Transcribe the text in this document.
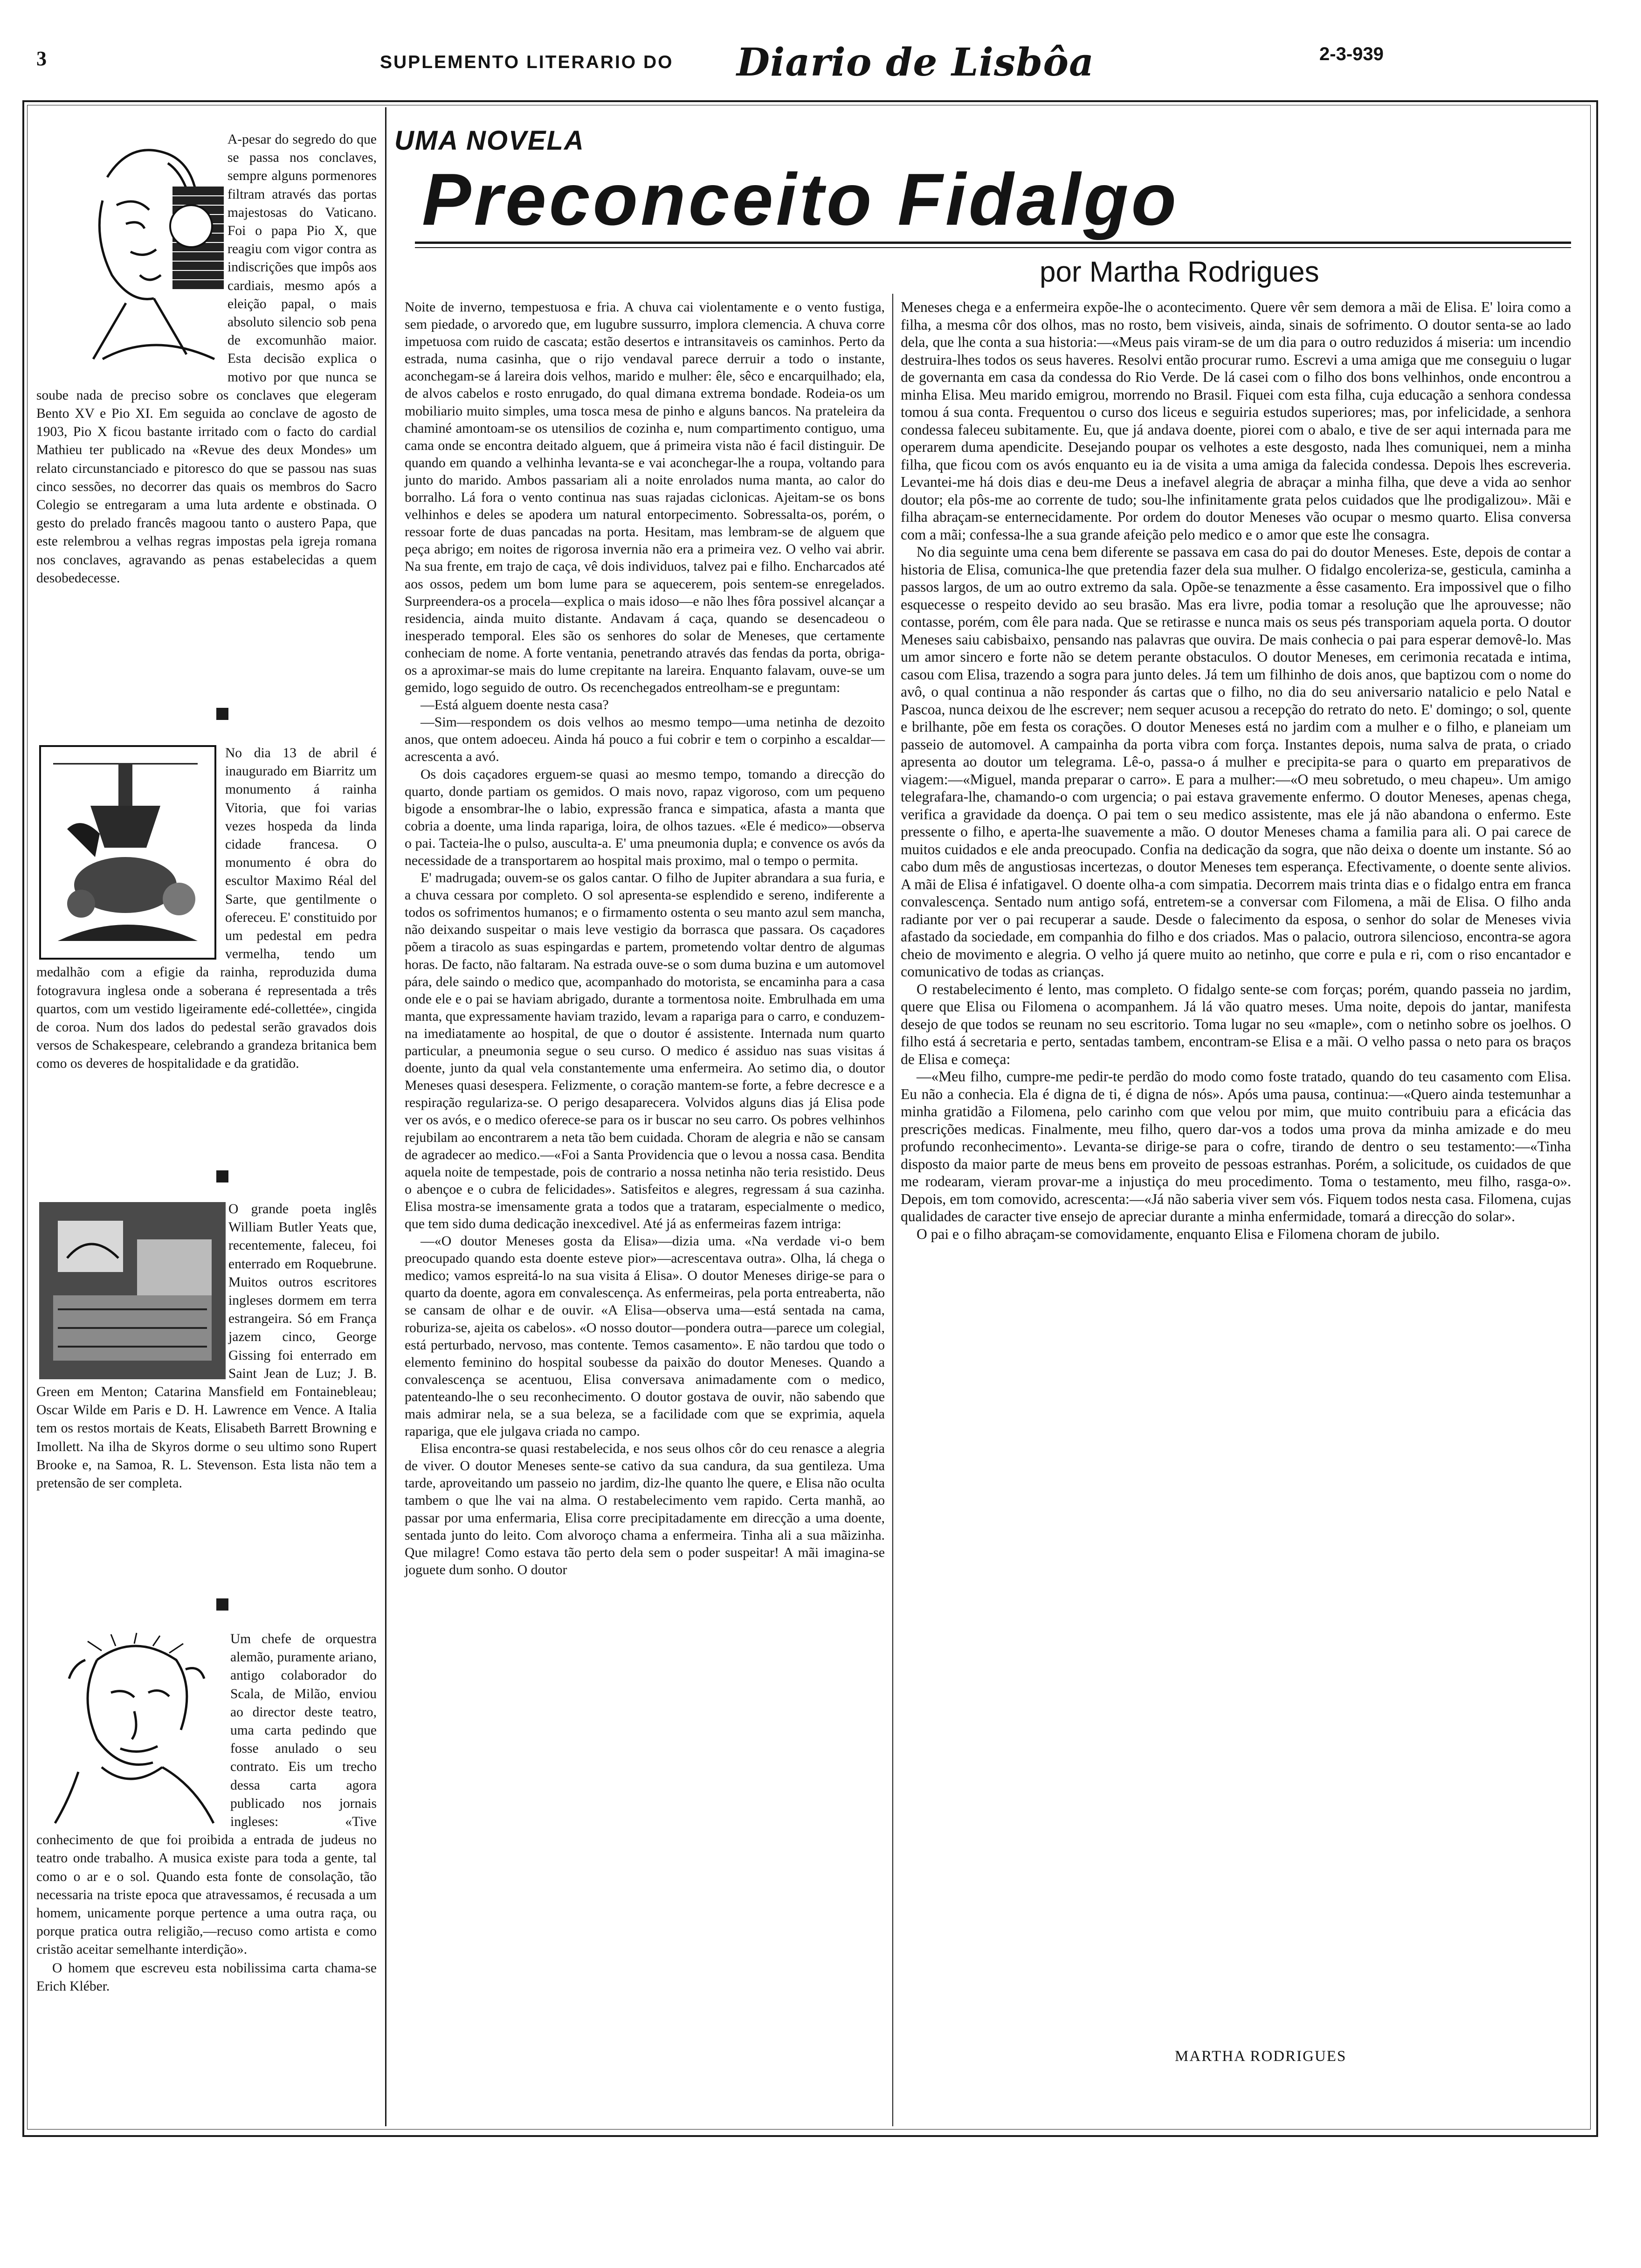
3	SUPLEMENTO LITERARIO DO Diario de Lisbôa	2-3-939

A-pesar do segredo do que se passa nos conclaves, sempre alguns pormenores filtram através das portas majestosas do Vaticano. Foi o papa Pio X, que reagiu com vigor contra as indiscrições que impôs aos cardiais, mesmo após a eleição papal, o mais absoluto silencio sob pena de excomunhão maior. Esta decisão explica o motivo por que nunca se soube nada de preciso sobre os conclaves que elegeram Bento XV e Pio XI. Em seguida ao conclave de agosto de 1903, Pio X ficou bastante irritado com o facto do cardial Mathieu ter publicado na «Revue des deux Mondes» um relato circunstanciado e pitoresco do que se passou nas suas cinco sessões, no decorrer das quais os membros do Sacro Colegio se entregaram a uma luta ardente e obstinada. O gesto do prelado francês magoou tanto o austero Papa, que este relembrou a velhas regras impostas pela igreja romana nos conclaves, agravando as penas estabelecidas a quem desobedecesse.

No dia 13 de abril é inaugurado em Biarritz um monumento á rainha Vitoria, que foi varias vezes hospeda da linda cidade francesa. O monumento é obra do escultor Maximo Réal del Sarte, que gentilmente o ofereceu. E' constituido por um pedestal em pedra vermelha, tendo um medalhão com a efigie da rainha, reproduzida duma fotogravura inglesa onde a soberana é representada a três quartos, com um vestido ligeiramente edé-collettée», cingida de coroa. Num dos lados do pedestal serão gravados dois versos de Schakespeare, celebrando a grandeza britanica bem como os deveres de hospitalidade e da gratidão.

O grande poeta inglês William Butler Yeats que, recentemente, faleceu, foi enterrado em Roquebrune. Muitos outros escritores ingleses dormem em terra estrangeira. Só em França jazem cinco, George Gissing foi enterrado em Saint Jean de Luz; J. B. Green em Menton; Catarina Mansfield em Fontainebleau; Oscar Wilde em Paris e D. H. Lawrence em Vence. A Italia tem os restos mortais de Keats, Elisabeth Barrett Browning e Imollett. Na ilha de Skyros dorme o seu ultimo sono Rupert Brooke e, na Samoa, R. L. Stevenson. Esta lista não tem a pretensão de ser completa.

Um chefe de orquestra alemão, puramente ariano, antigo colaborador do Scala, de Milão, enviou ao director deste teatro, uma carta pedindo que fosse anulado o seu contrato. Eis um trecho dessa carta agora publicado nos jornais ingleses: «Tive conhecimento de que foi proibida a entrada de judeus no teatro onde trabalho. A musica existe para toda a gente, tal como o ar e o sol. Quando esta fonte de consolação, tão necessaria na triste epoca que atravessamos, é recusada a um homem, unicamente porque pertence a uma outra raça, ou porque pratica outra religião,—recuso como artista e como cristão aceitar semelhante interdição».

O homem que escreveu esta nobilissima carta chama-se Erich Kléber.

UMA NOVELA
Preconceito Fidalgo
por Martha Rodrigues

Noite de inverno, tempestuosa e fria. A chuva cai violentamente e o vento fustiga, sem piedade, o arvoredo que, em lugubre sussurro, implora clemencia. A chuva corre impetuosa com ruido de cascata; estão desertos e intransitaveis os caminhos. Perto da estrada, numa casinha, que o rijo vendaval parece derruir a todo o instante, aconchegam-se á lareira dois velhos, marido e mulher: êle, sêco e encarquilhado; ela, de alvos cabelos e rosto enrugado, do qual dimana extrema bondade. Rodeia-os um mobiliario muito simples, uma tosca mesa de pinho e alguns bancos. Na prateleira da chaminé amontoam-se os utensilios de cozinha e, num compartimento contiguo, uma cama onde se encontra deitado alguem, que á primeira vista não é facil distinguir. De quando em quando a velhinha levanta-se e vai aconchegar-lhe a roupa, voltando para junto do marido. Ambos passariam ali a noite enrolados numa manta, ao calor do borralho. Lá fora o vento continua nas suas rajadas ciclonicas. Ajeitam-se os bons velhinhos e deles se apodera um natural entorpecimento. Sobressalta-os, porém, o ressoar forte de duas pancadas na porta. Hesitam, mas lembram-se de alguem que peça abrigo; em noites de rigorosa invernia não era a primeira vez. O velho vai abrir. Na sua frente, em trajo de caça, vê dois individuos, talvez pai e filho. Encharcados até aos ossos, pedem um bom lume para se aquecerem, pois sentem-se enregelados. Surpreendera-os a procela—explica o mais idoso—e não lhes fôra possivel alcançar a residencia, ainda muito distante. Andavam á caça, quando se desencadeou o inesperado temporal. Eles são os senhores do solar de Meneses, que certamente conheciam de nome. A forte ventania, penetrando através das fendas da porta, obriga-os a aproximar-se mais do lume crepitante na lareira. Enquanto falavam, ouve-se um gemido, logo seguido de outro. Os recenchegados entreolham-se e preguntam:

—Está alguem doente nesta casa?

—Sim—respondem os dois velhos ao mesmo tempo—uma netinha de dezoito anos, que ontem adoeceu. Ainda há pouco a fui cobrir e tem o corpinho a escaldar—acrescenta a avó.

Os dois caçadores erguem-se quasi ao mesmo tempo, tomando a direcção do quarto, donde partiam os gemidos. O mais novo, rapaz vigoroso, com um pequeno bigode a ensombrar-lhe o labio, expressão franca e simpatica, afasta a manta que cobria a doente, uma linda rapariga, loira, de olhos tazues. «Ele é medico»—observa o pai. Tacteia-lhe o pulso, ausculta-a. E' uma pneumonia dupla; e convence os avós da necessidade de a transportarem ao hospital mais proximo, mal o tempo o permita.

E' madrugada; ouvem-se os galos cantar. O filho de Jupiter abrandara a sua furia, e a chuva cessara por completo. O sol apresenta-se esplendido e sereno, indiferente a todos os sofrimentos humanos; e o firmamento ostenta o seu manto azul sem mancha, não deixando suspeitar o mais leve vestigio da borrasca que passara. Os caçadores põem a tiracolo as suas espingardas e partem, prometendo voltar dentro de algumas horas. De facto, não faltaram. Na estrada ouve-se o som duma buzina e um automovel pára, dele saindo o medico que, acompanhado do motorista, se encaminha para a casa onde ele e o pai se haviam abrigado, durante a tormentosa noite. Embrulhada em uma manta, que expressamente haviam trazido, levam a rapariga para o carro, e conduzem-na imediatamente ao hospital, de que o doutor é assistente. Internada num quarto particular, a pneumonia segue o seu curso. O medico é assiduo nas suas visitas á doente, junto da qual vela constantemente uma enfermeira. Ao setimo dia, o doutor Meneses quasi desespera. Felizmente, o coração mantem-se forte, a febre decresce e a respiração regulariza-se. O perigo desaparecera. Volvidos alguns dias já Elisa pode ver os avós, e o medico oferece-se para os ir buscar no seu carro. Os pobres velhinhos rejubilam ao encontrarem a neta tão bem cuidada. Choram de alegria e não se cansam de agradecer ao medico.—«Foi a Santa Providencia que o levou a nossa casa. Bendita aquela noite de tempestade, pois de contrario a nossa netinha não teria resistido. Deus o abençoe e o cubra de felicidades». Satisfeitos e alegres, regressam á sua cazinha. Elisa mostra-se imensamente grata a todos que a trataram, especialmente o medico, que tem sido duma dedicação inexcedivel. Até já as enfermeiras fazem intriga:

—«O doutor Meneses gosta da Elisa»—dizia uma. «Na verdade vi-o bem preocupado quando esta doente esteve pior»—acrescentava outra». Olha, lá chega o medico; vamos espreitá-lo na sua visita á Elisa». O doutor Meneses dirige-se para o quarto da doente, agora em convalescença. As enfermeiras, pela porta entreaberta, não se cansam de olhar e de ouvir. «A Elisa—observa uma—está sentada na cama, roburiza-se, ajeita os cabelos». «O nosso doutor—pondera outra—parece um colegial, está perturbado, nervoso, mas contente. Temos casamento». E não tardou que todo o elemento feminino do hospital soubesse da paixão do doutor Meneses. Quando a convalescença se acentuou, Elisa conversava animadamente com o medico, patenteando-lhe o seu reconhecimento. O doutor gostava de ouvir, não sabendo que mais admirar nela, se a sua beleza, se a facilidade com que se exprimia, aquela rapariga, que ele julgava criada no campo.

Elisa encontra-se quasi restabelecida, e nos seus olhos côr do ceu renasce a alegria de viver. O doutor Meneses sente-se cativo da sua candura, da sua gentileza. Uma tarde, aproveitando um passeio no jardim, diz-lhe quanto lhe quere, e Elisa não oculta tambem o que lhe vai na alma. O restabelecimento vem rapido. Certa manhã, ao passar por uma enfermaria, Elisa corre precipitadamente em direcção a uma doente, sentada junto do leito. Com alvoroço chama a enfermeira. Tinha ali a sua mãizinha. Que milagre! Como estava tão perto dela sem o poder suspeitar! A mãi imagina-se joguete dum sonho. O doutor

Meneses chega e a enfermeira expõe-lhe o acontecimento. Quere vêr sem demora a mãi de Elisa. E' loira como a filha, a mesma côr dos olhos, mas no rosto, bem visiveis, ainda, sinais de sofrimento. O doutor senta-se ao lado dela, que lhe conta a sua historia:—«Meus pais viram-se de um dia para o outro reduzidos á miseria: um incendio destruira-lhes todos os seus haveres. Resolvi então procurar rumo. Escrevi a uma amiga que me conseguiu o lugar de governanta em casa da condessa do Rio Verde. De lá casei com o filho dos bons velhinhos, onde encontrou a minha Elisa. Meu marido emigrou, morrendo no Brasil. Fiquei com esta filha, cuja educação a senhora condessa tomou á sua conta. Frequentou o curso dos liceus e seguiria estudos superiores; mas, por infelicidade, a senhora condessa faleceu subitamente. Eu, que já andava doente, piorei com o abalo, e tive de ser aqui internada para me operarem duma apendicite. Desejando poupar os velhotes a este desgosto, nada lhes comuniquei, nem a minha filha, que ficou com os avós enquanto eu ia de visita a uma amiga da falecida condessa. Depois lhes escreveria. Levantei-me há dois dias e deu-me Deus a inefavel alegria de abraçar a minha filha, que deve a vida ao senhor doutor; ela pôs-me ao corrente de tudo; sou-lhe infinitamente grata pelos cuidados que lhe prodigalizou». Mãi e filha abraçam-se enternecidamente. Por ordem do doutor Meneses vão ocupar o mesmo quarto. Elisa conversa com a mãi; confessa-lhe a sua grande afeição pelo medico e o amor que este lhe consagra.

No dia seguinte uma cena bem diferente se passava em casa do pai do doutor Meneses. Este, depois de contar a historia de Elisa, comunica-lhe que pretendia fazer dela sua mulher. O fidalgo encoleriza-se, gesticula, caminha a passos largos, de um ao outro extremo da sala. Opõe-se tenazmente a êsse casamento. Era impossivel que o filho esquecesse o respeito devido ao seu brasão. Mas era livre, podia tomar a resolução que lhe aprouvesse; não contasse, porém, com êle para nada. Que se retirasse e nunca mais os seus pés transporiam aquela porta. O doutor Meneses saiu cabisbaixo, pensando nas palavras que ouvira. De mais conhecia o pai para esperar demovê-lo. Mas um amor sincero e forte não se detem perante obstaculos. O doutor Meneses, em cerimonia recatada e intima, casou com Elisa, trazendo a sogra para junto deles. Já tem um filhinho de dois anos, que baptizou com o nome do avô, o qual continua a não responder ás cartas que o filho, no dia do seu aniversario natalicio e pelo Natal e Pascoa, nunca deixou de lhe escrever; nem sequer acusou a recepção do retrato do neto. E' domingo; o sol, quente e brilhante, põe em festa os corações. O doutor Meneses está no jardim com a mulher e o filho, e planeiam um passeio de automovel. A campainha da porta vibra com força. Instantes depois, numa salva de prata, o criado apresenta ao doutor um telegrama. Lê-o, passa-o á mulher e precipita-se para o quarto em preparativos de viagem:—«Miguel, manda preparar o carro». E para a mulher:—«O meu sobretudo, o meu chapeu». Um amigo telegrafara-lhe, chamando-o com urgencia; o pai estava gravemente enfermo. O doutor Meneses, apenas chega, verifica a gravidade da doença. O pai tem o seu medico assistente, mas ele já não abandona o enfermo. Este pressente o filho, e aperta-lhe suavemente a mão. O doutor Meneses chama a familia para ali. O pai carece de muitos cuidados e ele anda preocupado. Confia na dedicação da sogra, que não deixa o doente um instante. Só ao cabo dum mês de angustiosas incertezas, o doutor Meneses tem esperança. Efectivamente, o doente sente alivios. A mãi de Elisa é infatigavel. O doente olha-a com simpatia. Decorrem mais trinta dias e o fidalgo entra em franca convalescença. Sentado num antigo sofá, entretem-se a conversar com Filomena, a mãi de Elisa. O filho anda radiante por ver o pai recuperar a saude. Desde o falecimento da esposa, o senhor do solar de Meneses vivia afastado da sociedade, em companhia do filho e dos criados. Mas o palacio, outrora silencioso, encontra-se agora cheio de movimento e alegria. O velho já quere muito ao netinho, que corre e pula e ri, com o riso encantador e comunicativo de todas as crianças.

O restabelecimento é lento, mas completo. O fidalgo sente-se com forças; porém, quando passeia no jardim, quere que Elisa ou Filomena o acompanhem. Já lá vão quatro meses. Uma noite, depois do jantar, manifesta desejo de que todos se reunam no seu escritorio. Toma lugar no seu «maple», com o netinho sobre os joelhos. O filho está á secretaria e perto, sentadas tambem, encontram-se Elisa e a mãi. O velho passa o neto para os braços de Elisa e começa:

—«Meu filho, cumpre-me pedir-te perdão do modo como foste tratado, quando do teu casamento com Elisa. Eu não a conhecia. Ela é digna de ti, é digna de nós». Após uma pausa, continua:—«Quero ainda testemunhar a minha gratidão a Filomena, pelo carinho com que velou por mim, que muito contribuiu para a eficácia das prescrições medicas. Finalmente, meu filho, quero dar-vos a todos uma prova da minha amizade e do meu profundo reconhecimento». Levanta-se dirige-se para o cofre, tirando de dentro o seu testamento:—«Tinha disposto da maior parte de meus bens em proveito de pessoas estranhas. Porém, a solicitude, os cuidados de que me rodearam, vieram provar-me a injustiça do meu procedimento. Toma o testamento, meu filho, rasga-o». Depois, em tom comovido, acrescenta:—«Já não saberia viver sem vós. Fiquem todos nesta casa. Filomena, cujas qualidades de caracter tive ensejo de apreciar durante a minha enfermidade, tomará a direcção do solar».

O pai e o filho abraçam-se comovidamente, enquanto Elisa e Filomena choram de jubilo.

MARTHA RODRIGUES
